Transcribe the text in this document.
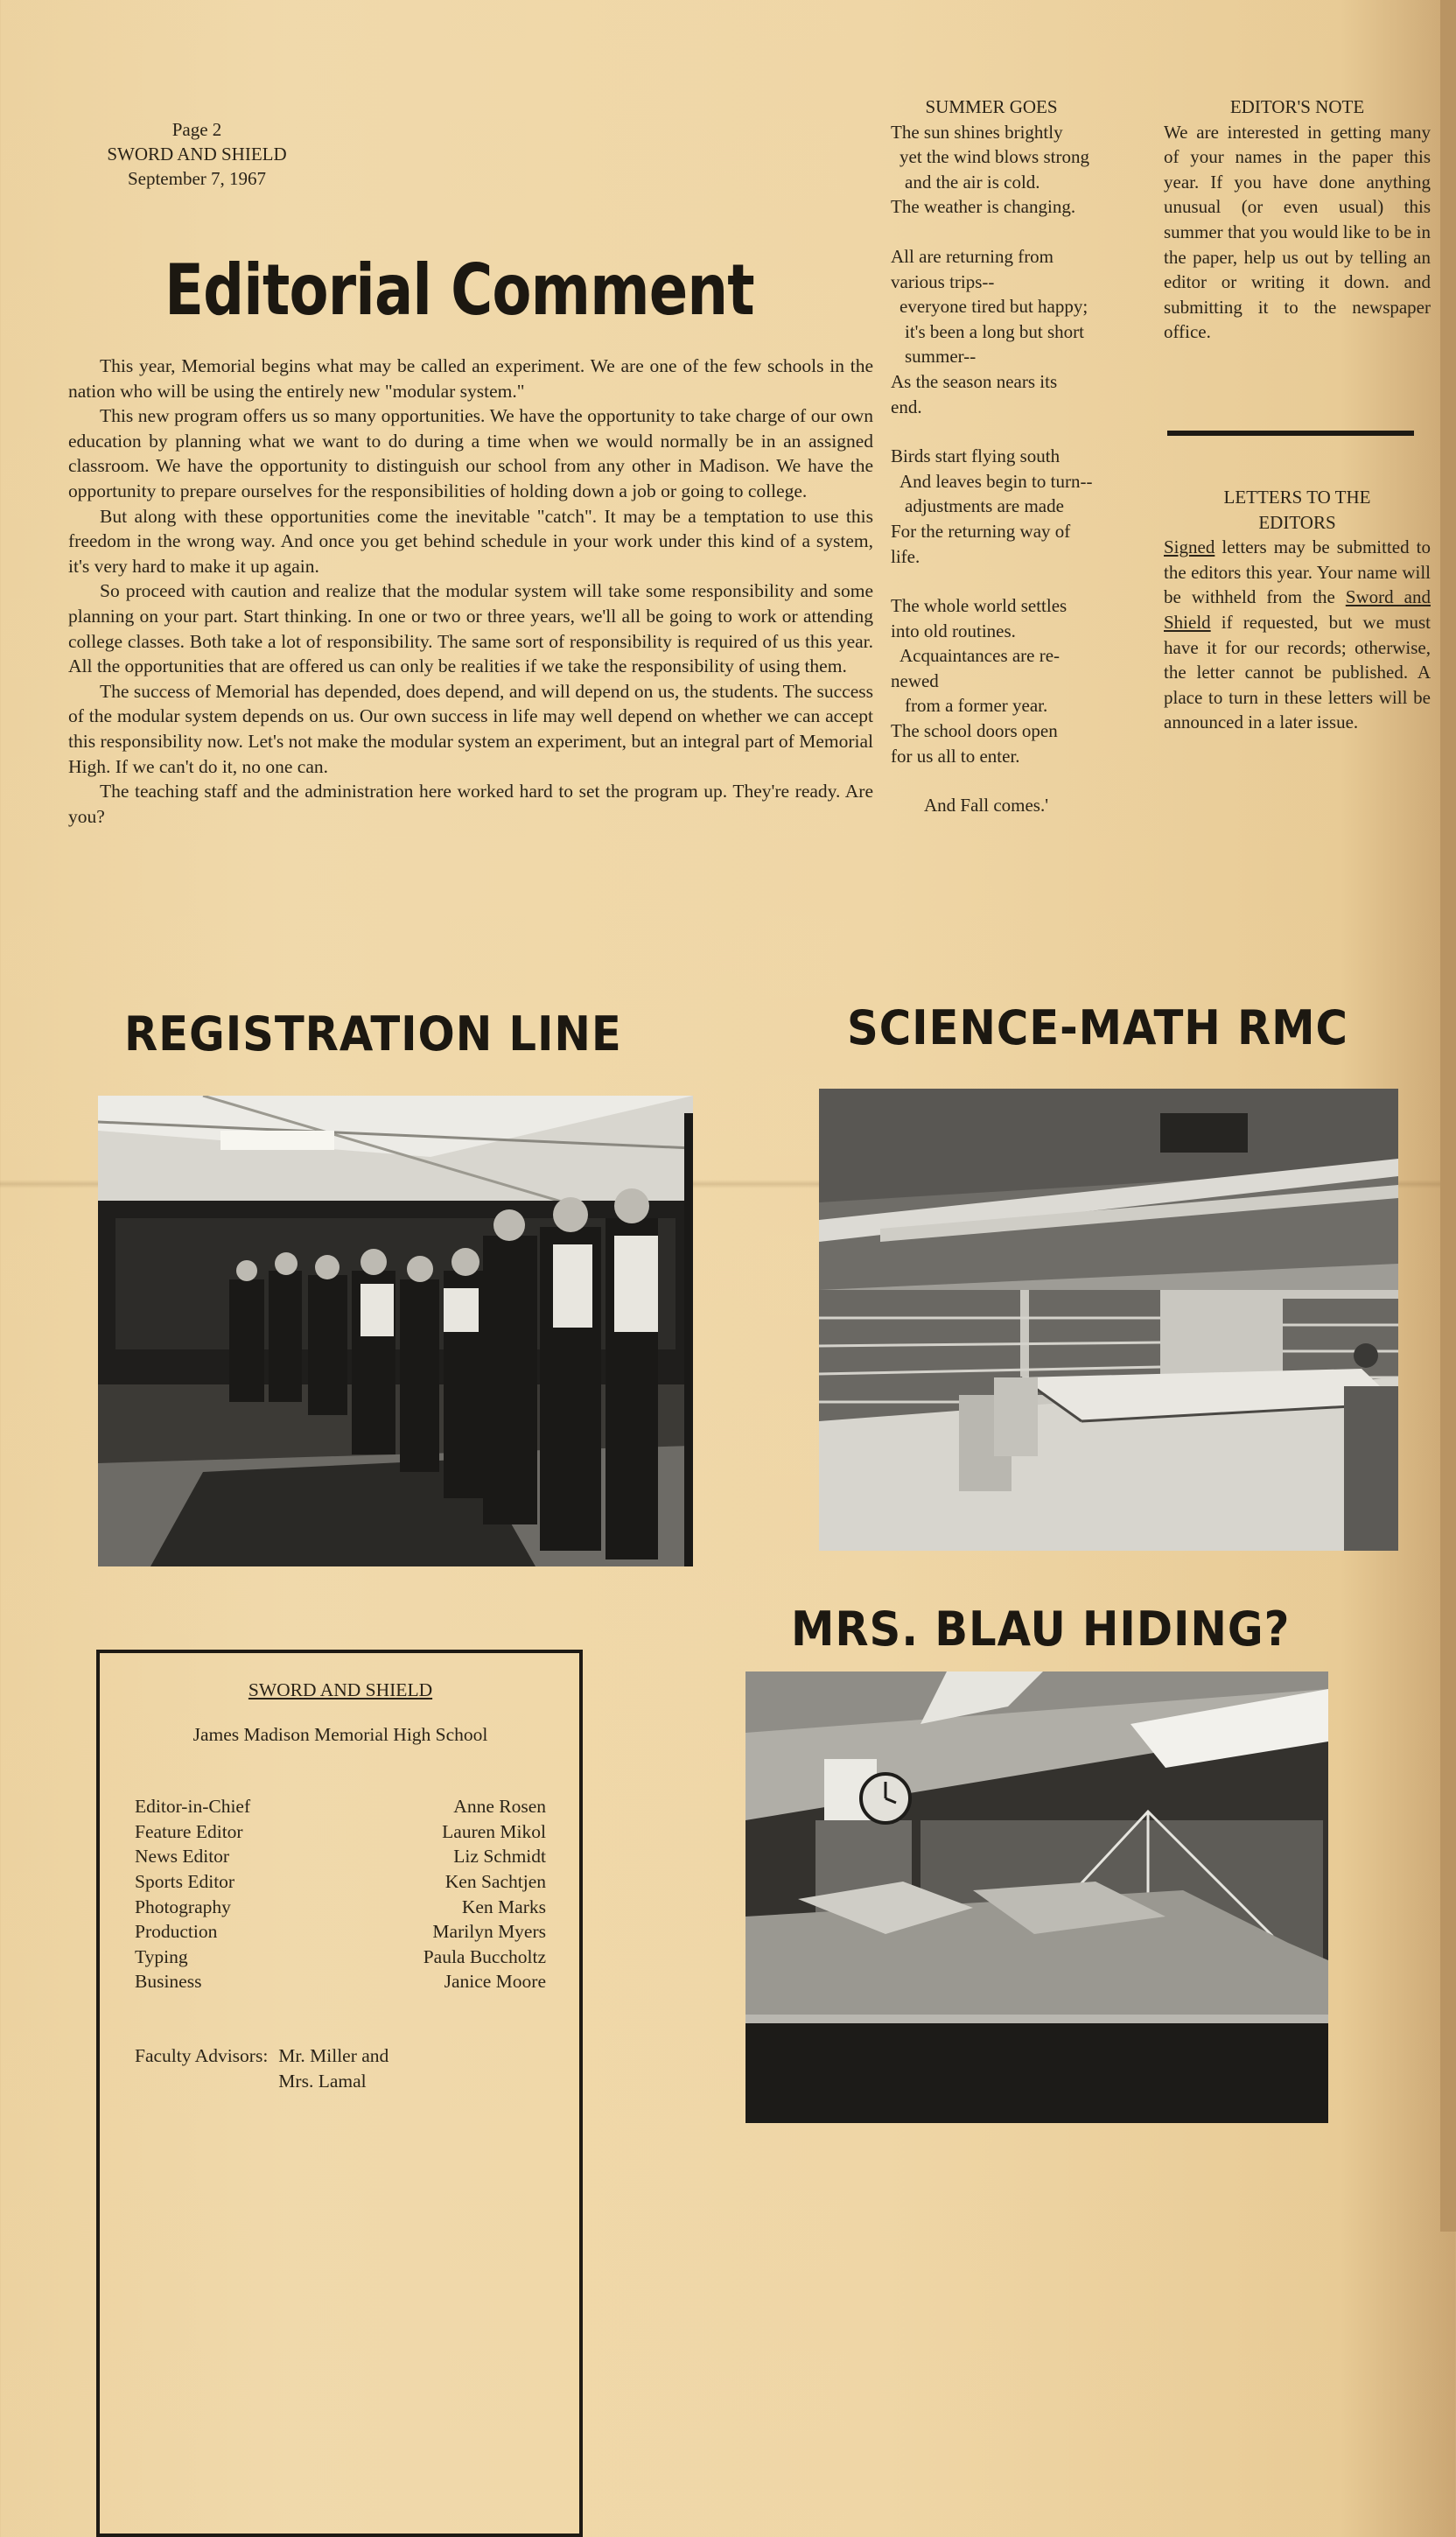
Page 2
SWORD AND SHIELD
September 7, 1967
Editorial Comment

This year, Memorial begins what may be called an experiment. We are one of the few schools in the nation who will be using the entirely new "modular system."

This new program offers us so many opportunities. We have the opportunity to take charge of our own education by planning what we want to do during a time when we would normally be in an assigned classroom. We have the opportunity to distinguish our school from any other in Madison. We have the opportunity to prepare ourselves for the responsibilities of holding down a job or going to college.

But along with these opportunities come the inevitable "catch". It may be a temptation to use this freedom in the wrong way. And once you get behind schedule in your work under this kind of a system, it's very hard to make it up again.

So proceed with caution and realize that the modular system will take some responsibility and some planning on your part. Start thinking. In one or two or three years, we'll all be going to work or attending college classes. Both take a lot of responsibility. The same sort of responsibility is required of us this year. All the opportunities that are offered us can only be realities if we take the responsibility of using them.

The success of Memorial has depended, does depend, and will depend on us, the students. The success of the modular system depends on us. Our own success in life may well depend on whether we can accept this responsibility now. Let's not make the modular system an experiment, but an integral part of Memorial High. If we can't do it, no one can.

The teaching staff and the administration here worked hard to set the program up. They're ready. Are you?

SUMMER GOES
The sun shines brightly
yet the wind blows strong
and the air is cold.
The weather is changing.
All are returning from
various trips--
everyone tired but happy;
it's been a long but short
summer--
As the season nears its
end.
Birds start flying south
And leaves begin to turn--
adjustments are made
For the returning way of
life.
The whole world settles
into old routines.
Acquaintances are re-
newed
from a former year.
The school doors open
for us all to enter.
And Fall comes.'
EDITOR'S NOTE
We are interested in getting many of your names in the paper this year. If you have done anything unusual (or even usual) this summer that you would like to be in the paper, help us out by telling an editor or writing it down. and submitting it to the newspaper office.
LETTERS TO THE
EDITORS
Signed letters may be submitted to the editors this year. Your name will be withheld from the Sword and Shield if requested, but we must have it for our records; otherwise, the letter cannot be published. A place to turn in these letters will be announced in a later issue.
REGISTRATION LINE	SCIENCE-MATH RMC
MRS. BLAU HIDING?
SWORD AND SHIELD
James Madison Memorial High School
Editor-in-Chief	Anne Rosen
Feature Editor	Lauren Mikol
News Editor	Liz Schmidt
Sports Editor	Ken Sachtjen
Photography	Ken Marks
Production	Marilyn Myers
Typing	Paula Buccholtz
Business	Janice Moore
Faculty Advisors: Mr. Miller and
Mrs. Lamal
